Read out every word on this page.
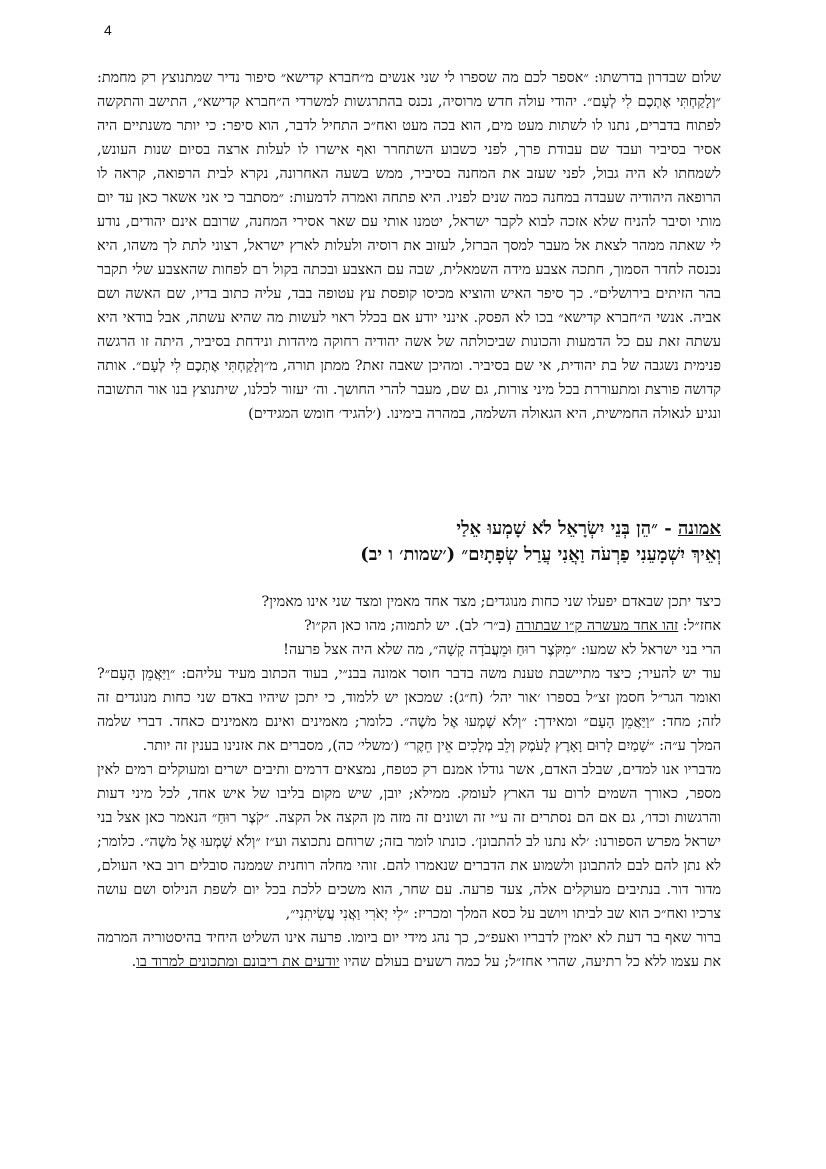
4

שלום שבדרון בדרשתו: ״אספר לכם מה שספרו לי שני אנשים מ״חברא קדישא״ סיפור נדיר שמתנוצץ רק מחמת: ״וְלָקַחְתִּי אֶתְכֶם לִי לְעָם״. יהודי עולה חדש מרוסיה, נכנס בהתרגשות למשרדי ה״חברא קדישא״, התישב והתקשה לפתוח בדברים, נתנו לו לשתות מעט מים, הוא בכה מעט ואח״כ התחיל לדבר, הוא סיפר: כי יותר משנתיים היה אסיר בסיביר ועבד שם עבודת פרך, לפני כשבוע השתחרר ואף אישרו לו לעלות ארצה בסיום שנות העונש, לשמחתו לא היה גבול, לפני שעזב את המחנה בסיביר, ממש בשעה האחרונה, נקרא לבית הרפואה, קראה לו הרופאה היהודיה שעבדה במחנה כמה שנים לפניו. היא פתחה ואמרה לדמעות: ״מסתבר כי אני אשאר כאן עד יום מותי וסיבר להניח שלא אזכה לבוא לקבר ישראל, יטמנו אותי עם שאר אסירי המחנה, שרובם אינם יהודים, נודע לי שאתה ממהר לצאת אל מעבר למסך הברזל, לעזוב את רוסיה ולעלות לארץ ישראל, רצוני לתת לך משהו, היא נכנסה לחדר הסמוך, חתכה אצבע מידה השמאלית, שבה עם האצבע ובכתה בקול רם לפחות שהאצבע שלי תקבר בהר הזיתים בירושלים״. כך סיפר האיש והוציא מכיסו קופסת עץ עטופה בבד, עליה כתוב בדיו, שם האשה ושם אביה. אנשי ה״חברא קדישא״ בכו לא הפסק. אינני יודע אם בכלל ראוי לעשות מה שהיא עשתה, אבל בודאי היא עשתה זאת עם כל הדמעות והכונות שביכולתה של אשה יהודיה רחוקה מיהדות ונידחת בסיביר, היתה זו הרגשה פנימית נשגבה של בת יהודית, אי שם בסיביר. ומהיכן שאבה זאת? ממתן תורה, מ״וְלָקַחְתִּי אֶתְכֶם לִי לְעָם״. אותה קדושה פורצת ומתעוררת בכל מיני צורות, גם שם, מעבר להרי החושך. וה׳ יעזור לכלנו, שיתנוצץ בנו אור התשובה ונגיע לגאולה החמישית, היא הגאולה השלמה, במהרה בימינו. (׳להגיד׳ חומש המגידים)

אמונה - ״הֵן בְּנֵי יִשְׂרָאֵל לֹא שָׁמְעוּ אֵלַי
וְאֵיךְ יִשְׁמָעֵנִי פַרְעֹה וַאֲנִי עֲרַל שְׂפָתָיִם״ (׳שמות׳ ו יב)

כיצד יתכן שבאדם יפעלו שני כחות מנוגדים; מצד אחד מאמין ומצד שני אינו מאמין?

אחז״ל: זהו אחד מעשרה ק״ו שבתורה (ב״ר׳ לב). יש לתמוה; מהו כאן הק״ו?

הרי בני ישראל לא שמעו: ״מִקֹּצֶר רוּחַ וּמֵעֲבֹדָה קָשָׁה״, מה שלא היה אצל פרעה!

עוד יש להעיר; כיצד מתיישבת טענת משה בדבר חוסר אמונה בבנ״י, בעוד הכתוב מעיד עליהם: ״וַיַּאֲמֵן הָעָם״? ואומר הגר״ל חסמן זצ״ל בספרו ׳אור יהל׳ (ח״ג): שמכאן יש ללמוד, כי יתכן שיהיו באדם שני כחות מנוגדים זה לזה; מחד: ״וַיַּאֲמֵן הָעָם״ ומאידך: ״וְלֹא שָׁמְעוּ אֶל מֹשֶׁה״. כלומר; מאמינים ואינם מאמינים כאחד. דברי שלמה המלך ע״ה: ״שָׁמַיִם לָרוּם וָאָרֶץ לָעֹמֶק וְלֵב מְלָכִים אֵין חֵקֶר״ (׳משלי׳ כה), מסברים את אזנינו בענין זה יותר.

מדבריו אנו למדים, שבלב האדם, אשר גודלו אמנם רק כטפח, נמצאים דרמים ותיבים ישרים ומעוקלים רמים לאין מספר, כאורך השמים לרום עד הארץ לעומק. ממילא; יובן, שיש מקום בליבו של איש אחד, לכל מיני דעות והרגשות וכדו׳, גם אם הם נסתרים זה ע״י זה ושונים זה מזה מן הקצה אל הקצה. ״קֹצֶר רוּחַ״ הנאמר כאן אצל בני ישראל מפרש הספורנו: ׳לא נתנו לב להתבונן׳. כונתו לומר בזה; שרוחם נתכוצה וע״ז ״וְלֹא שָׁמְעוּ אֶל מֹשֶׁה״. כלומר; לא נתן להם לבם להתבונן ולשמוע את הדברים שנאמרו להם. זוהי מחלה רוחנית שממנה סובלים רוב באי העולם, מדור דור. בנתיבים מעוקלים אלה, צעד פרעה. עם שחר, הוא משכים ללכת בכל יום לשפת הנילוס ושם עושה צרכיו ואח״כ הוא שב לביתו ויושב על כסא המלך ומכריז: ״לִי יְאֹרִי וַאֲנִי עֲשִׂיתִנִי״,

ברור שאף בר דעת לא יאמין לדבריו ואעפ״כ, כך נהג מידי יום ביומו. פרעה אינו השליט היחיד בהיסטוריה המרמה את עצמו ללא כל רתיעה, שהרי אחז״ל; על כמה רשעים בעולם שהיו יודעים את ריבונם ומתכונים למרוד בו.
